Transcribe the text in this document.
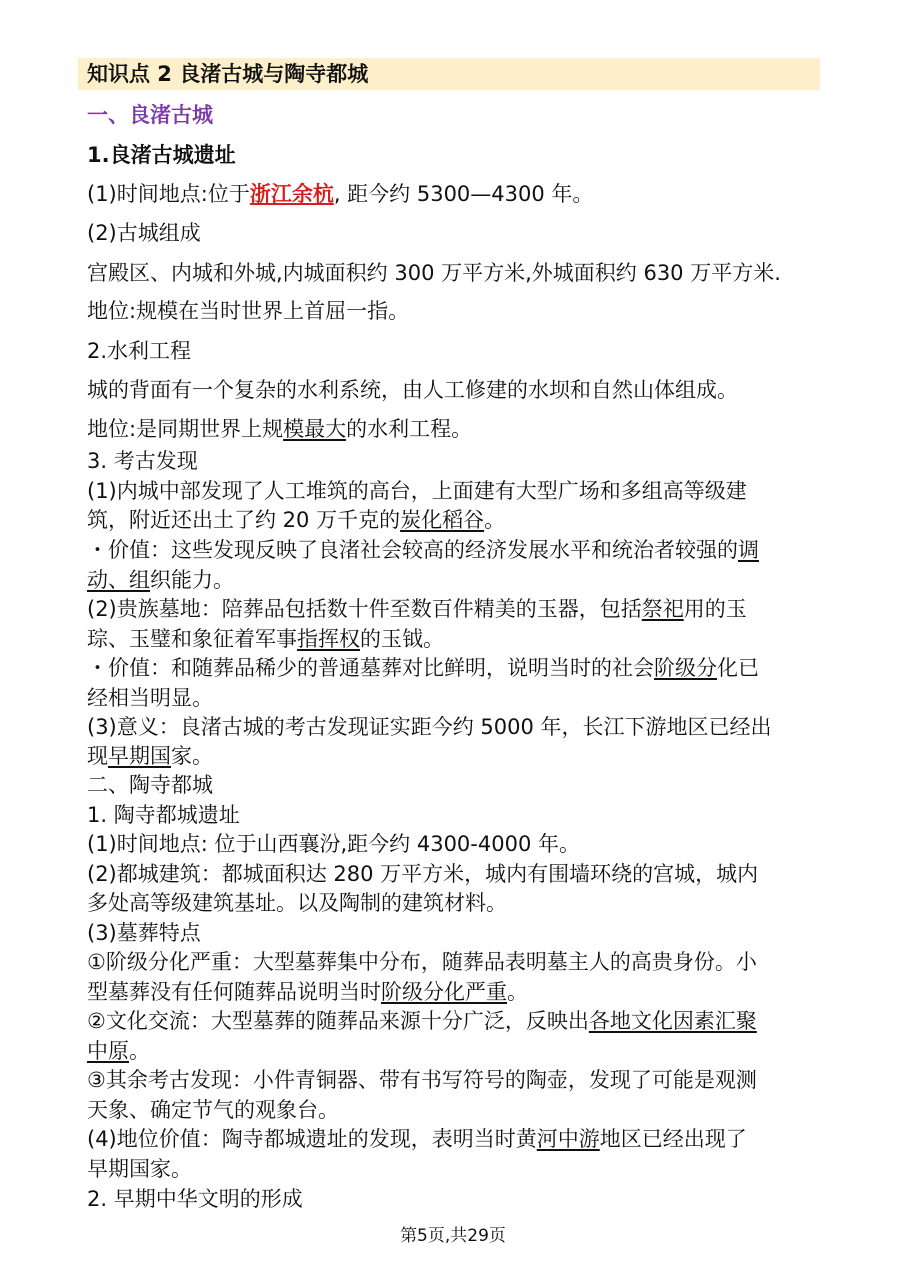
知识点 2 良渚古城与陶寺都城
一、良渚古城
1.良渚古城遗址
(1)时间地点:位于浙江余杭, 距今约 5300—4300 年。
(2)古城组成
宫殿区、内城和外城,内城面积约 300 万平方米,外城面积约 630 万平方米.
地位:规模在当时世界上首屈一指。
2.水利工程
城的背面有一个复杂的水利系统，由人工修建的水坝和自然山体组成。
地位:是同期世界上规模最大的水利工程。
3. 考古发现
(1)内城中部发现了人工堆筑的高台，上面建有大型广场和多组高等级建
筑，附近还出土了约 20 万千克的炭化稻谷。
・价值：这些发现反映了良渚社会较高的经济发展水平和统治者较强的调
动、组织能力。
(2)贵族墓地：陪葬品包括数十件至数百件精美的玉器，包括祭祀用的玉
琮、玉璧和象征着军事指挥权的玉钺。
・价值：和随葬品稀少的普通墓葬对比鲜明，说明当时的社会阶级分化已
经相当明显。
(3)意义：良渚古城的考古发现证实距今约 5000 年，长江下游地区已经出
现早期国家。
二、陶寺都城
1. 陶寺都城遗址
(1)时间地点: 位于山西襄汾,距今约 4300-4000 年。
(2)都城建筑：都城面积达 280 万平方米，城内有围墙环绕的宫城，城内
多处高等级建筑基址。以及陶制的建筑材料。
(3)墓葬特点
①阶级分化严重：大型墓葬集中分布，随葬品表明墓主人的高贵身份。小
型墓葬没有任何随葬品说明当时阶级分化严重。
②文化交流：大型墓葬的随葬品来源十分广泛，反映出各地文化因素汇聚
中原。
③其余考古发现：小件青铜器、带有书写符号的陶壶，发现了可能是观测
天象、确定节气的观象台。
(4)地位价值：陶寺都城遗址的发现，表明当时黄河中游地区已经出现了
早期国家。
2. 早期中华文明的形成
第5页,共29页
